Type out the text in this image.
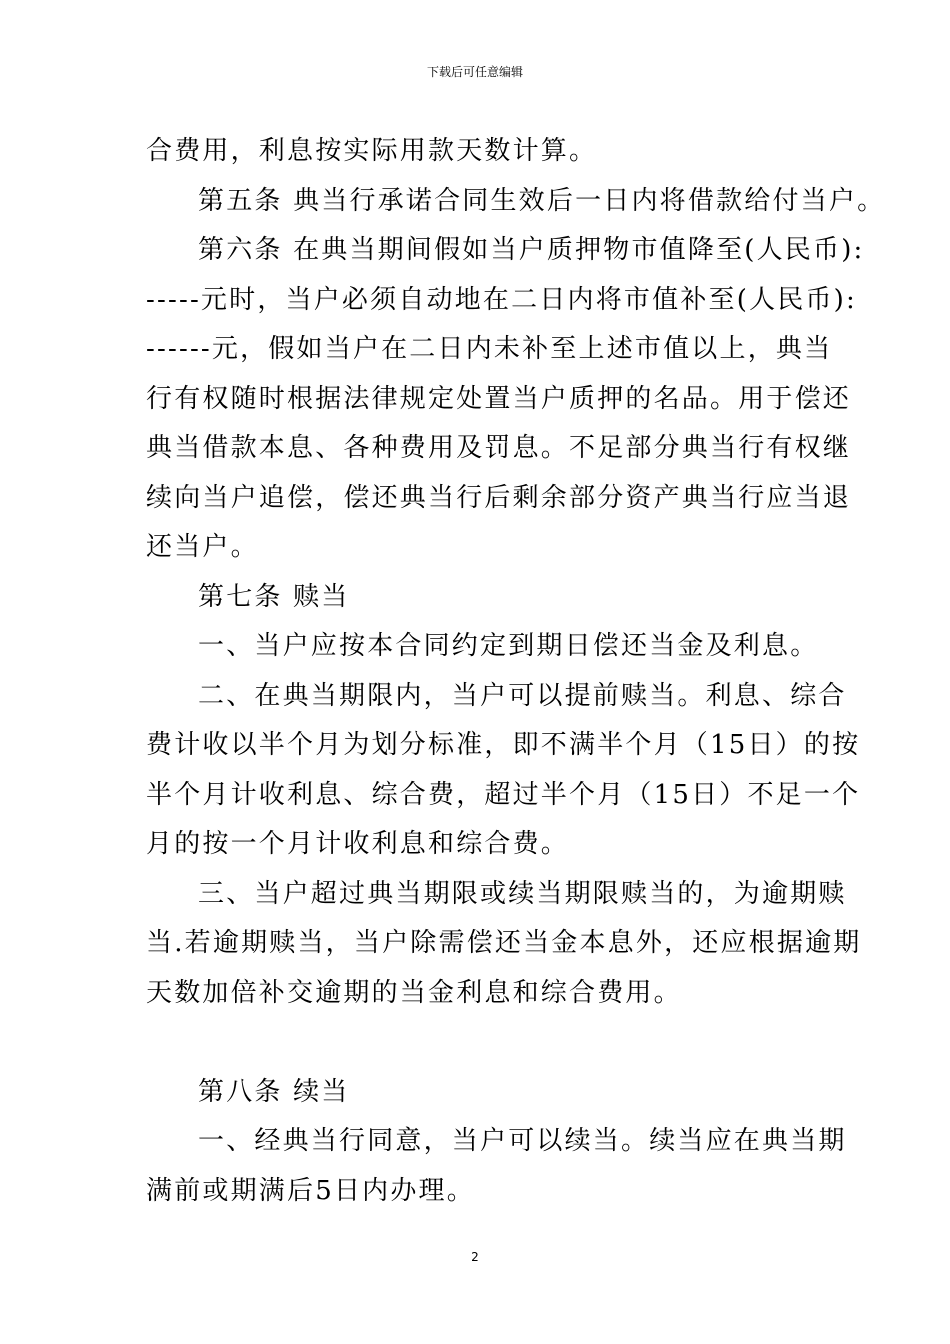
下载后可任意编辑

合费用，利息按实际用款天数计算。

第五条 典当行承诺合同生效后一日内将借款给付当户。

第六条 在典当期间假如当户质押物市值降至(人民币):

-----元时，当户必须自动地在二日内将市值补至(人民币):

------元，假如当户在二日内未补至上述市值以上，典当

行有权随时根据法律规定处置当户质押的名品。用于偿还

典当借款本息、各种费用及罚息。不足部分典当行有权继

续向当户追偿，偿还典当行后剩余部分资产典当行应当退

还当户。

第七条 赎当

一、当户应按本合同约定到期日偿还当金及利息。

二、在典当期限内，当户可以提前赎当。利息、综合

费计收以半个月为划分标准，即不满半个月（15日）的按

半个月计收利息、综合费，超过半个月（15日）不足一个

月的按一个月计收利息和综合费。

三、当户超过典当期限或续当期限赎当的，为逾期赎

当.若逾期赎当，当户除需偿还当金本息外，还应根据逾期

天数加倍补交逾期的当金利息和综合费用。

第八条 续当

一、经典当行同意，当户可以续当。续当应在典当期

满前或期满后5日内办理。

2
